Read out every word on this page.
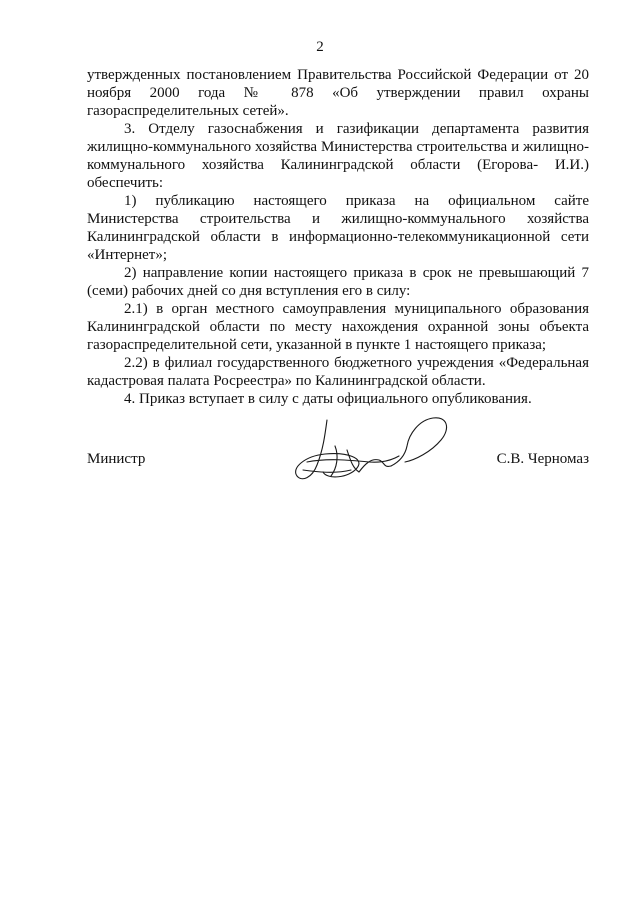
2

утвержденных постановлением Правительства Российской Федерации от 20 ноября 2000 года № 878 «Об утверждении правил охраны газораспределительных сетей».

3. Отделу газоснабжения и газификации департамента развития жилищно-коммунального хозяйства Министерства строительства и жилищно-коммунального хозяйства Калининградской области (Егорова- И.И.) обеспечить:

1) публикацию настоящего приказа на официальном сайте Министерства строительства и жилищно-коммунального хозяйства Калининградской области в информационно-телекоммуникационной сети «Интернет»;

2) направление копии настоящего приказа в срок не превышающий 7 (семи) рабочих дней со дня вступления его в силу:

2.1) в орган местного самоуправления муниципального образования Калининградской области по месту нахождения охранной зоны объекта газораспределительной сети, указанной в пункте 1 настоящего приказа;

2.2) в филиал государственного бюджетного учреждения «Федеральная кадастровая палата Росреестра» по Калининградской области.

4. Приказ вступает в силу с даты официального опубликования.

Министр	С.В. Черномаз
